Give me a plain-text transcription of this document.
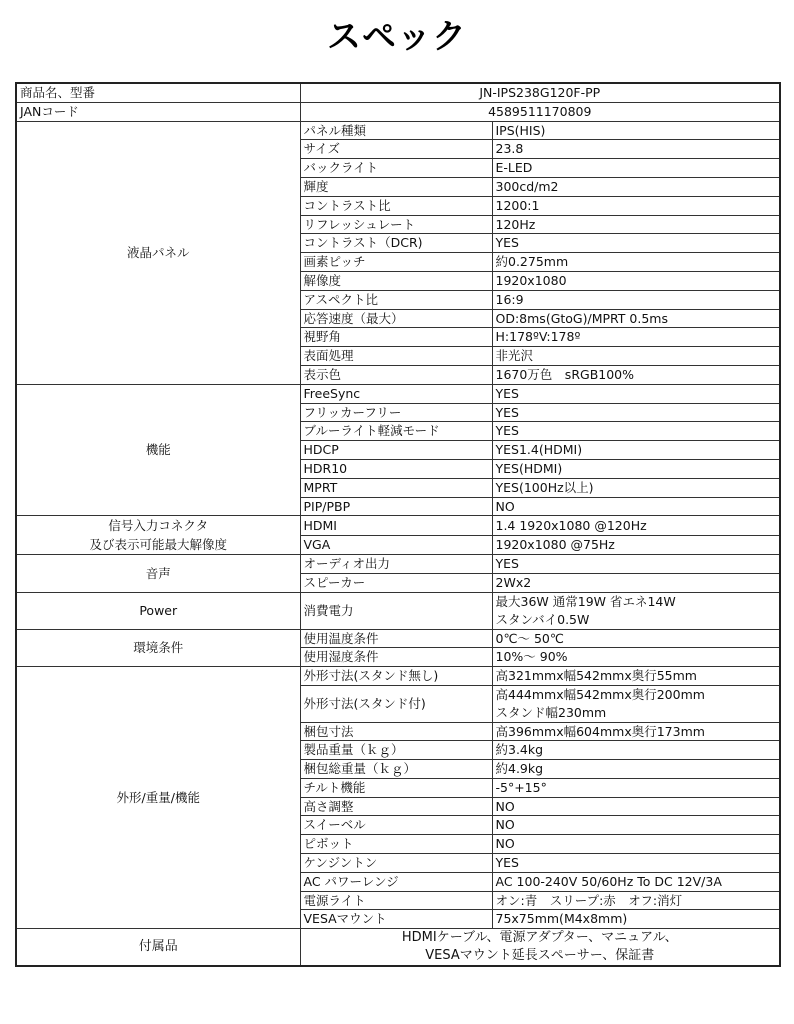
スペック
商品名、型番	JN-IPS238G120F-PP	
JANコード	4589511170809	
液晶パネル	パネル種類	IPS(HIS)
	サイズ	23.8
	バックライト	E-LED
	輝度	300cd/m2
	コントラスト比	1200:1
	リフレッシュレート	120Hz
	コントラスト（DCR)	YES
	画素ピッチ	約0.275mm
	解像度	1920x1080
	アスペクト比	16:9
	応答速度（最大）	OD:8ms(GtoG)/MPRT 0.5ms
	視野角	H:178ºV:178º
	表面処理	非光沢
	表示色	1670万色　sRGB100%
機能	FreeSync	YES
	フリッカーフリー	YES
	ブルーライト軽減モード	YES
	HDCP	YES1.4(HDMI)
	HDR10	YES(HDMI)
	MPRT	YES(100Hz以上)
	PIP/PBP	NO

信号入力コネクタ
及び表示可能最大解像度	HDMI	1.4 1920x1080 @120Hz
	VGA	1920x1080 @75Hz
音声	オーディオ出力	YES
	スピーカー	2Wx2
Power	消費電力	最大36W 通常19W 省エネ14W
スタンバイ0.5W

環境条件	使用温度条件	0℃～ 50℃
	使用湿度条件	10%～ 90%
外形/重量/機能	外形寸法(スタンド無し)	高321mmx幅542mmx奥行55mm
	外形寸法(スタンド付)	高444mmx幅542mmx奥行200mm
スタンド幅230mm

	梱包寸法	高396mmx幅604mmx奥行173mm
	製品重量（ｋｇ）	約3.4kg
	梱包総重量（ｋｇ）	約4.9kg
	チルト機能	-5°+15°
	高さ調整	NO
	スイーベル	NO
	ピボット	NO
	ケンジントン	YES
	AC パワーレンジ	AC 100-240V 50/60Hz To DC 12V/3A
	電源ライト	オン:青　スリープ:赤　オフ:消灯
	VESAマウント	75x75mm(M4x8mm)
付属品	HDMIケーブル、電源アダプター、マニュアル、
VESAマウント延長スペーサー、保証書	
